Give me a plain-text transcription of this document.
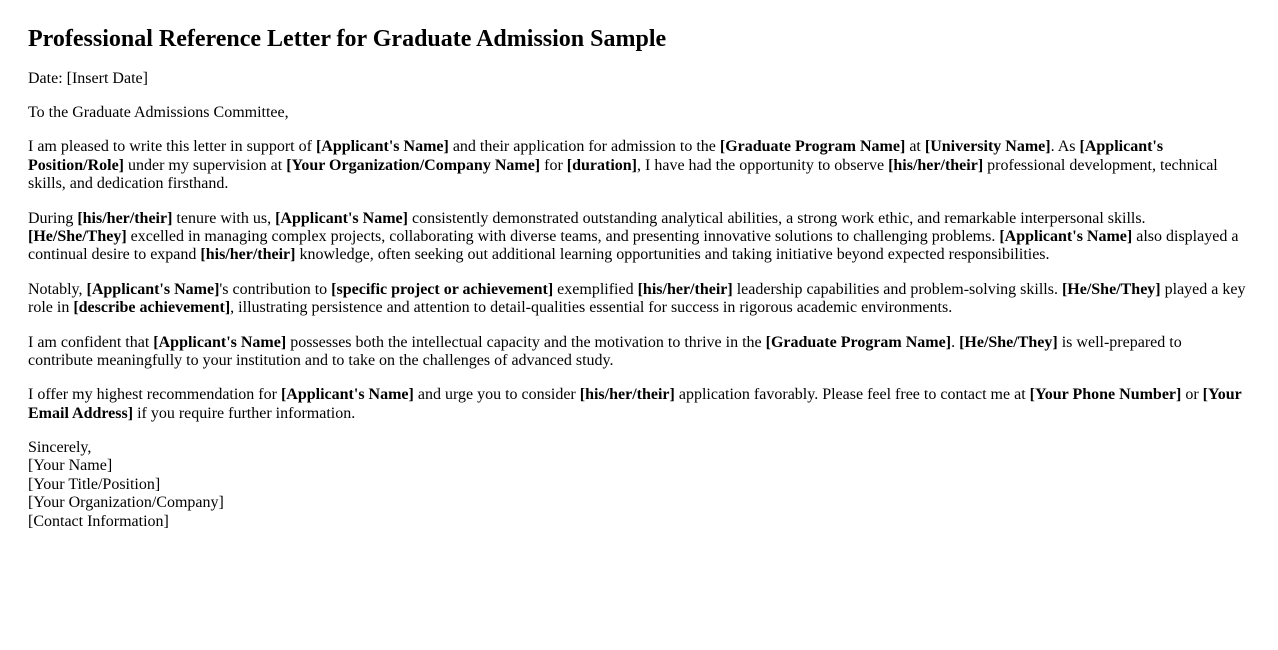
Professional Reference Letter for Graduate Admission Sample

Date: [Insert Date]

To the Graduate Admissions Committee,

I am pleased to write this letter in support of [Applicant's Name] and their application for admission to the [Graduate Program Name] at [University Name]. As [Applicant's Position/Role] under my supervision at [Your Organization/Company Name] for [duration], I have had the opportunity to observe [his/her/their] professional development, technical skills, and dedication firsthand.

During [his/her/their] tenure with us, [Applicant's Name] consistently demonstrated outstanding analytical abilities, a strong work ethic, and remarkable interpersonal skills. [He/She/They] excelled in managing complex projects, collaborating with diverse teams, and presenting innovative solutions to challenging problems. [Applicant's Name] also displayed a continual desire to expand [his/her/their] knowledge, often seeking out additional learning opportunities and taking initiative beyond expected responsibilities.

Notably, [Applicant's Name]'s contribution to [specific project or achievement] exemplified [his/her/their] leadership capabilities and problem-solving skills. [He/She/They] played a key role in [describe achievement], illustrating persistence and attention to detail-qualities essential for success in rigorous academic environments.

I am confident that [Applicant's Name] possesses both the intellectual capacity and the motivation to thrive in the [Graduate Program Name]. [He/She/They] is well-prepared to contribute meaningfully to your institution and to take on the challenges of advanced study.

I offer my highest recommendation for [Applicant's Name] and urge you to consider [his/her/their] application favorably. Please feel free to contact me at [Your Phone Number] or [Your Email Address] if you require further information.

Sincerely,
[Your Name]
[Your Title/Position]
[Your Organization/Company]
[Contact Information]
